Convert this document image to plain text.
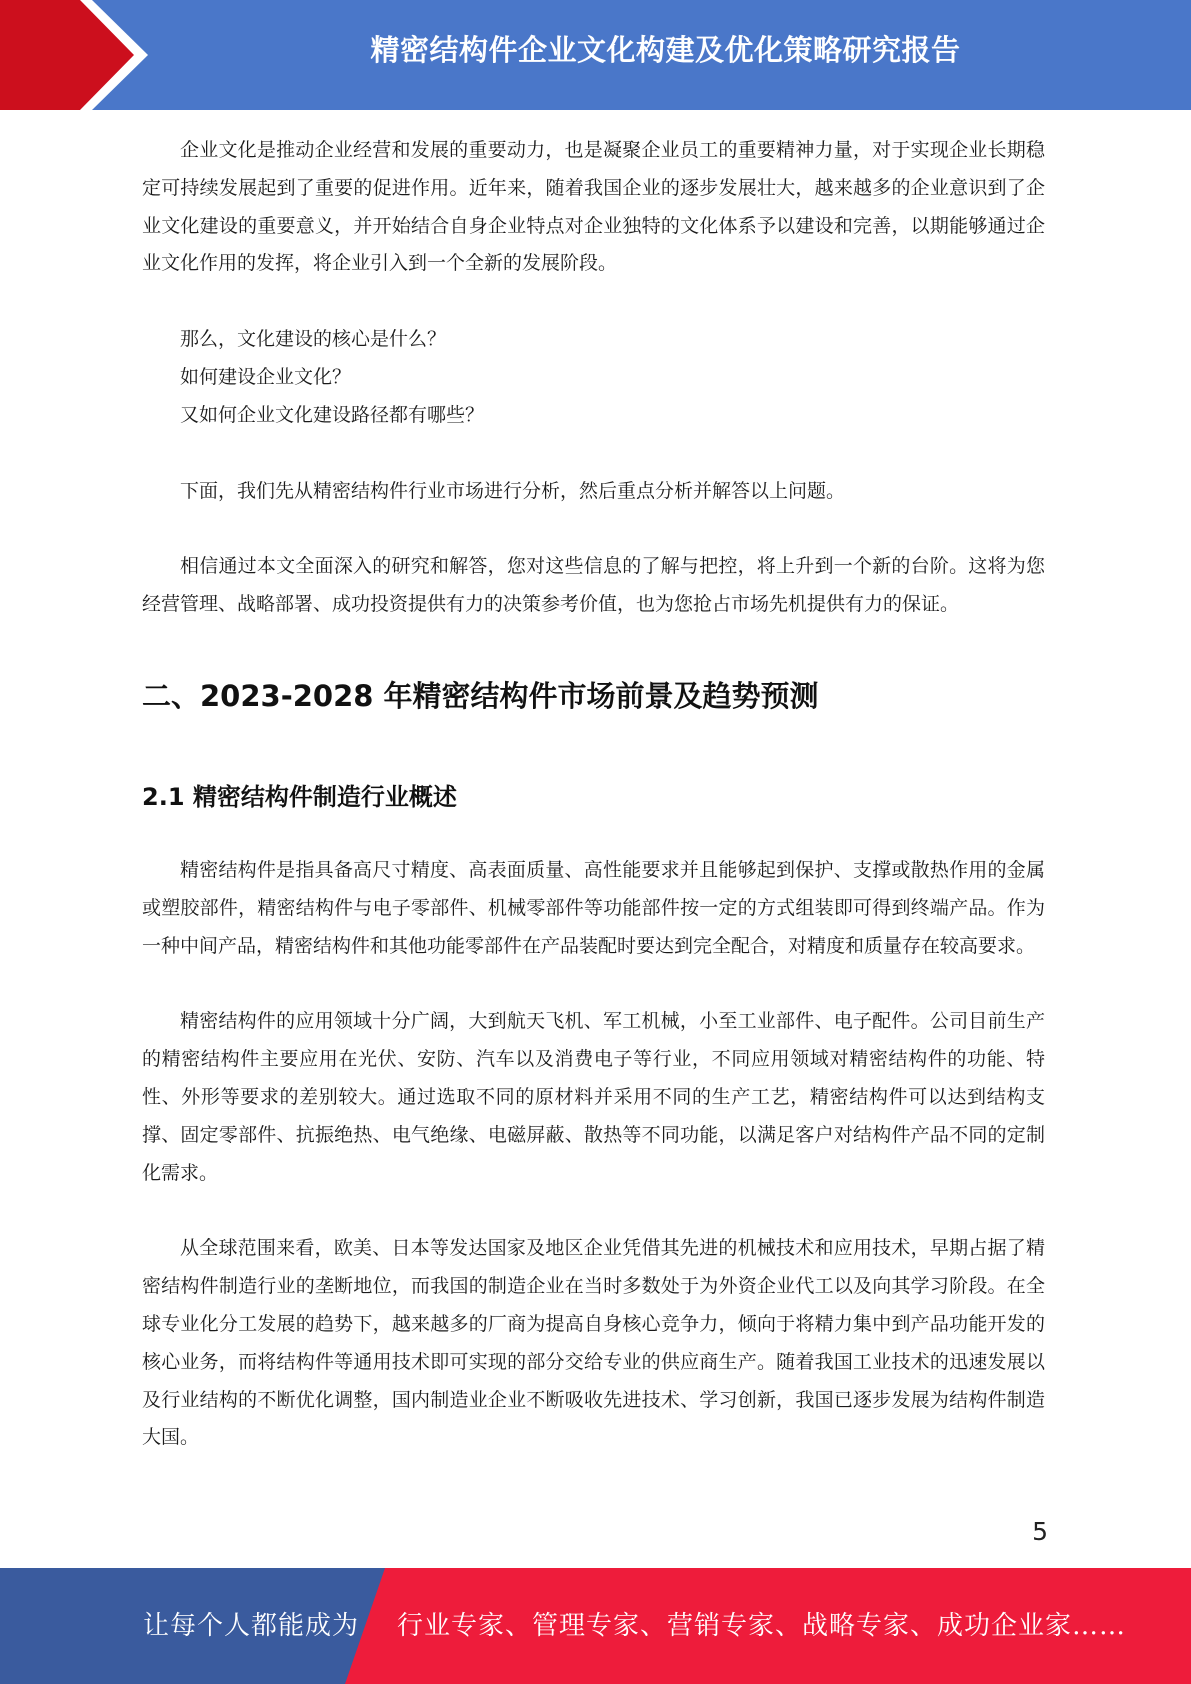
精密结构件企业文化构建及优化策略研究报告

企业文化是推动企业经营和发展的重要动力，也是凝聚企业员工的重要精神力量，对于实现企业长期稳定可持续发展起到了重要的促进作用。近年来，随着我国企业的逐步发展壮大，越来越多的企业意识到了企业文化建设的重要意义，并开始结合自身企业特点对企业独特的文化体系予以建设和完善，以期能够通过企业文化作用的发挥，将企业引入到一个全新的发展阶段。

那么，文化建设的核心是什么？

如何建设企业文化？

又如何企业文化建设路径都有哪些？

下面，我们先从精密结构件行业市场进行分析，然后重点分析并解答以上问题。

相信通过本文全面深入的研究和解答，您对这些信息的了解与把控，将上升到一个新的台阶。这将为您经营管理、战略部署、成功投资提供有力的决策参考价值，也为您抢占市场先机提供有力的保证。

二、2023-2028 年精密结构件市场前景及趋势预测
2.1 精密结构件制造行业概述

精密结构件是指具备高尺寸精度、高表面质量、高性能要求并且能够起到保护、支撑或散热作用的金属或塑胶部件，精密结构件与电子零部件、机械零部件等功能部件按一定的方式组装即可得到终端产品。作为一种中间产品，精密结构件和其他功能零部件在产品装配时要达到完全配合，对精度和质量存在较高要求。

精密结构件的应用领域十分广阔，大到航天飞机、军工机械，小至工业部件、电子配件。公司目前生产的精密结构件主要应用在光伏、安防、汽车以及消费电子等行业，不同应用领域对精密结构件的功能、特性、外形等要求的差别较大。通过选取不同的原材料并采用不同的生产工艺，精密结构件可以达到结构支撑、固定零部件、抗振绝热、电气绝缘、电磁屏蔽、散热等不同功能，以满足客户对结构件产品不同的定制化需求。

从全球范围来看，欧美、日本等发达国家及地区企业凭借其先进的机械技术和应用技术，早期占据了精密结构件制造行业的垄断地位，而我国的制造企业在当时多数处于为外资企业代工以及向其学习阶段。在全球专业化分工发展的趋势下，越来越多的厂商为提高自身核心竞争力，倾向于将精力集中到产品功能开发的核心业务，而将结构件等通用技术即可实现的部分交给专业的供应商生产。随着我国工业技术的迅速发展以及行业结构的不断优化调整，国内制造业企业不断吸收先进技术、学习创新，我国已逐步发展为结构件制造大国。

5
让每个人都能成为 行业专家、管理专家、营销专家、战略专家、成功企业家……
